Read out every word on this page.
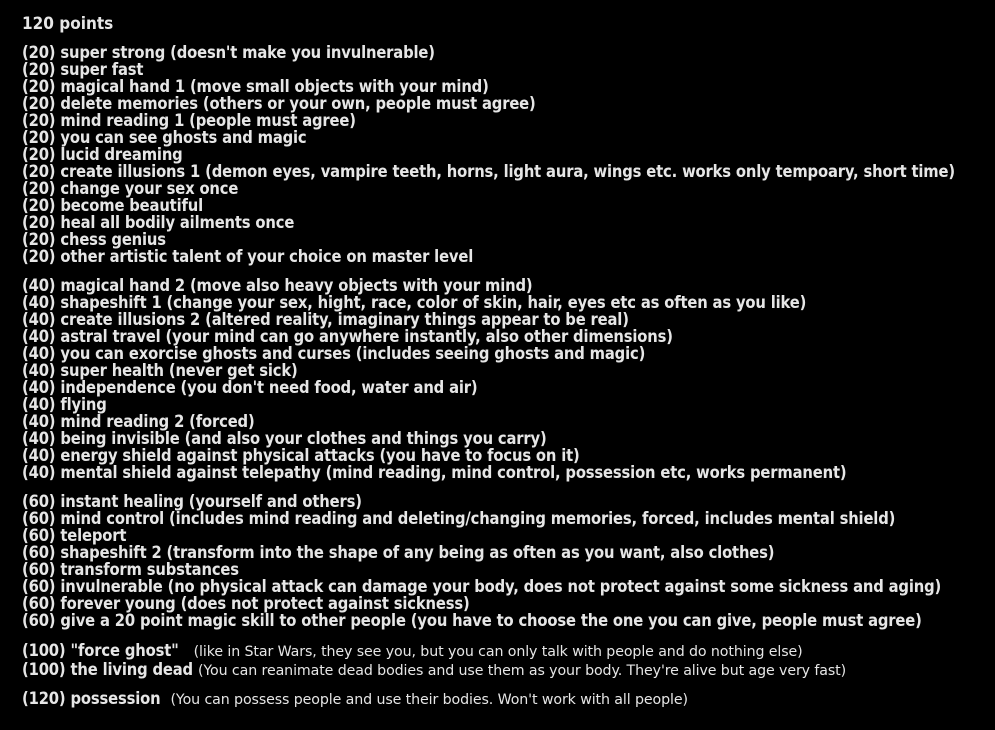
120 points
(20) super strong (doesn't make you invulnerable)
(20) super fast
(20) magical hand 1 (move small objects with your mind)
(20) delete memories (others or your own, people must agree)
(20) mind reading 1 (people must agree)
(20) you can see ghosts and magic
(20) lucid dreaming
(20) create illusions 1 (demon eyes, vampire teeth, horns, light aura, wings etc. works only tempoary, short time)
(20) change your sex once
(20) become beautiful
(20) heal all bodily ailments once
(20) chess genius
(20) other artistic talent of your choice on master level
(40) magical hand 2 (move also heavy objects with your mind)
(40) shapeshift 1 (change your sex, hight, race, color of skin, hair, eyes etc as often as you like)
(40) create illusions 2 (altered reality, imaginary things appear to be real)
(40) astral travel (your mind can go anywhere instantly, also other dimensions)
(40) you can exorcise ghosts and curses (includes seeing ghosts and magic)
(40) super health (never get sick)
(40) independence (you don't need food, water and air)
(40) flying
(40) mind reading 2 (forced)
(40) being invisible (and also your clothes and things you carry)
(40) energy shield against physical attacks (you have to focus on it)
(40) mental shield against telepathy (mind reading, mind control, possession etc, works permanent)
(60) instant healing (yourself and others)
(60) mind control (includes mind reading and deleting/changing memories, forced, includes mental shield)
(60) teleport
(60) shapeshift 2 (transform into the shape of any being as often as you want, also clothes)
(60) transform substances
(60) invulnerable (no physical attack can damage your body, does not protect against some sickness and aging)
(60) forever young (does not protect against sickness)
(60) give a 20 point magic skill to other people (you have to choose the one you can give, people must agree)
(100) "force ghost" (like in Star Wars, they see you, but you can only talk with people and do nothing else)
(100) the living dead (You can reanimate dead bodies and use them as your body. They're alive but age very fast)
(120) possession (You can possess people and use their bodies. Won't work with all people)
